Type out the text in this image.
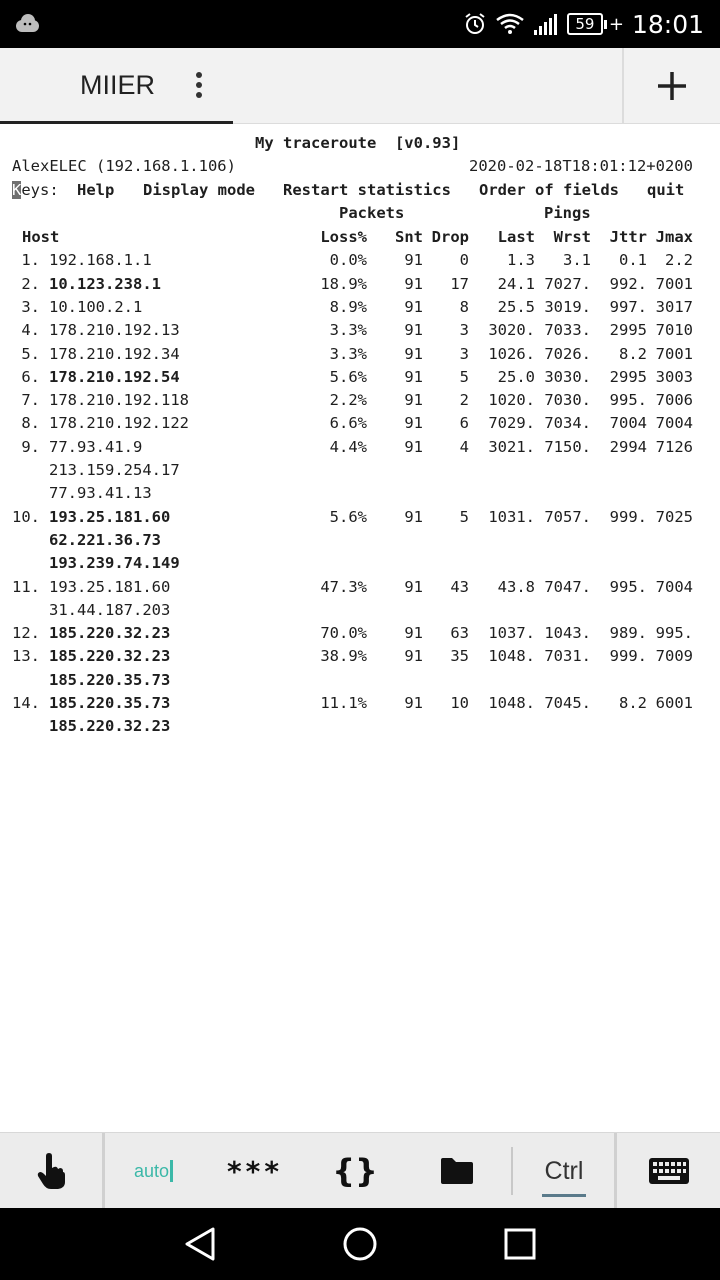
59 + 18:01
MIIER
My traceroute  [v0.93]
AlexELEC (192.168.1.106)	2020-02-18T18:01:12+0200
Keys: Help Display mode Restart statistics Order of fields quit
Packets	Pings
Host	Loss% Snt Drop Last Wrst Jttr Jmax
1. 192.168.1.1	0.0% 91 0 1.3 3.1 0.1 2.2
2. 10.123.238.1	18.9% 91 17 24.1 7027. 992. 7001
3. 10.100.2.1	8.9% 91 8 25.5 3019. 997. 3017
4. 178.210.192.13	3.3% 91 3 3020. 7033. 2995 7010
5. 178.210.192.34	3.3% 91 3 1026. 7026. 8.2 7001
6. 178.210.192.54	5.6% 91 5 25.0 3030. 2995 3003
7. 178.210.192.118	2.2% 91 2 1020. 7030. 995. 7006
8. 178.210.192.122	6.6% 91 6 7029. 7034. 7004 7004
9. 77.93.41.9	4.4% 91 4 3021. 7150. 2994 7126
213.159.254.17
77.93.41.13
10. 193.25.181.60	5.6% 91 5 1031. 7057. 999. 7025
62.221.36.73
193.239.74.149
11. 193.25.181.60	47.3% 91 43 43.8 7047. 995. 7004
31.44.187.203
12. 185.220.32.23	70.0% 91 63 1037. 1043. 989. 995.
13. 185.220.32.23	38.9% 91 35 1048. 7031. 999. 7009
185.220.35.73
14. 185.220.35.73	11.1% 91 10 1048. 7045. 8.2 6001
185.220.32.23
auto *** {}	Ctrl
